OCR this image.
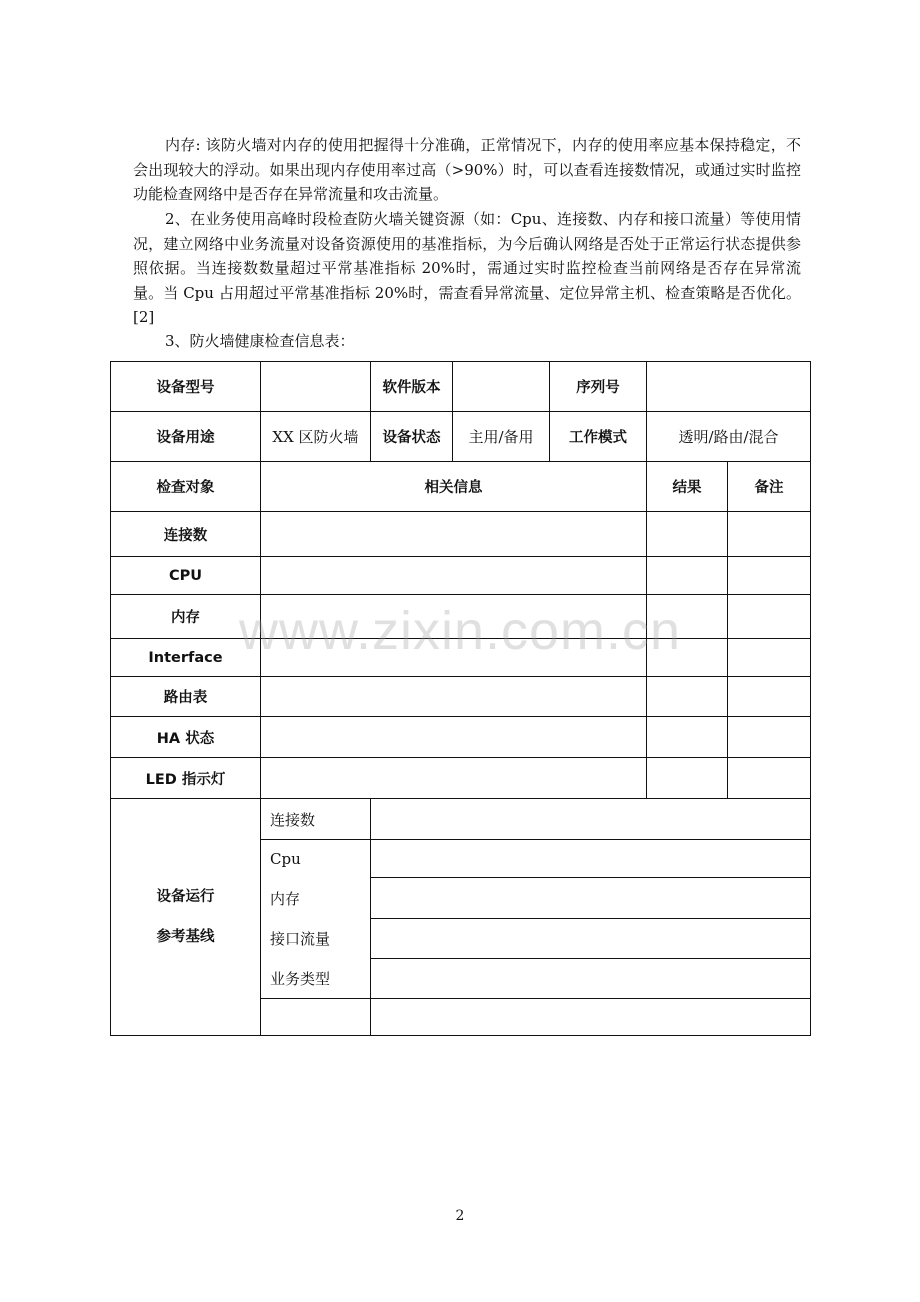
内存: 该防火墙对内存的使用把握得十分准确，正常情况下，内存的使用率应基本保持稳定，不会出现较大的浮动。如果出现内存使用率过高（>90%）时，可以查看连接数情况，或通过实时监控功能检查网络中是否存在异常流量和攻击流量。

2、在业务使用高峰时段检查防火墙关键资源（如：Cpu、连接数、内存和接口流量）等使用情况，建立网络中业务流量对设备资源使用的基准指标，为今后确认网络是否处于正常运行状态提供参照依据。当连接数数量超过平常基准指标 20%时，需通过实时监控检查当前网络是否存在异常流量。当 Cpu 占用超过平常基准指标 20%时，需查看异常流量、定位异常主机、检查策略是否优化。[2]

3、防火墙健康检查信息表：

设备型号		软件版本		序列号		
设备用途	XX 区防火墙	设备状态	主用/备用	工作模式	透明/路由/混合	
检查对象	相关信息				结果	备注
连接数						
CPU						
内存						
Interface						
路由表						
HA 状态						
LED 指示灯						

设备运行
参考基线	连接数					
	Cpu					
	内存					
	接口流量					
	业务类型					

www.zixin.com.cn
2
